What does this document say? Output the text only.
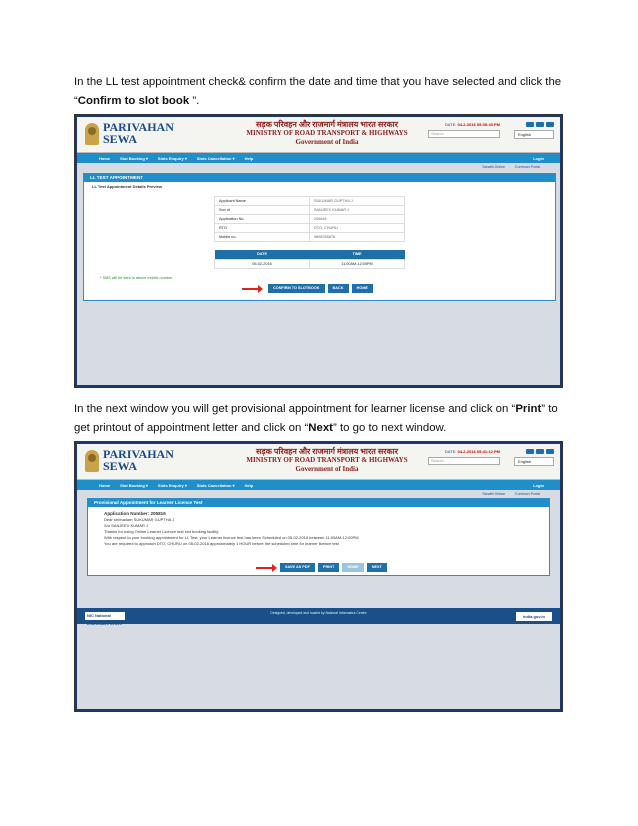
In the LL test appointment check& confirm the date and time that you have selected and click the “Confirm to slot book ”.
PARIVAHAN
SEWA
सड़क परिवहन और राजमार्ग मंत्रालय भारत सरकार
MINISTRY OF ROAD TRANSPORT & HIGHWAYS
Government of India
DATE: 04-2-2016 05:35:43 PM
Search	English
Home	Slot Booking ▾	Slots Enquiry ▾	Slots Cancellation ▾	Help	Login
Sarathi Online	Common Portal
LL TEST APPOINTMENT
LL Test Appointment Details Preview
Applicant Name	SUKUMAR GUPTHA J
Son of	SANJEEV KUMAR J
Application No	205816
RTO	DTO, CHURU
Mobile no.	9898765876
DATE	TIME
05-02-2016	11:00AM-12:00PM
* SMS will be sent to above mobile number
CONFIRM TO SLOTBOOK	BACK	HOME
In the next window you will get provisional appointment for learner license and click on “Print” to get printout of appointment letter and click on “Next” to go to next window.
PARIVAHAN
SEWA
सड़क परिवहन और राजमार्ग मंत्रालय भारत सरकार
MINISTRY OF ROAD TRANSPORT & HIGHWAYS
Government of India
DATE: 04-2-2016 05:41:12 PM
Search	English
Home	Slot Booking ▾	Slots Enquiry ▾	Slots Cancellation ▾	Help	Login
Sarathi Online	Common Portal
Provisional Appointment for Learner Licence Test
Application Number: 205816
Dear sir/madam SUKUMAR GUPTHA J
S/o SANJEEV KUMAR J
Thanks for using Online Learner Licence test slot booking facility.
With respect to your booking appointment for LL Test, your Learner licence test has been Scheduled on 05-02-2016 between 11:00AM-12:00PM
You are required to approach DTO, CHURU on 05-02-2016 approximately 1 HOUR before the scheduled time for learner licence test
SAVE AS PDF	PRINT	HOME	NEXT
NIC National Informatics Centre
Designed, developed and hosted by National Informatics Centre
india.gov.in
